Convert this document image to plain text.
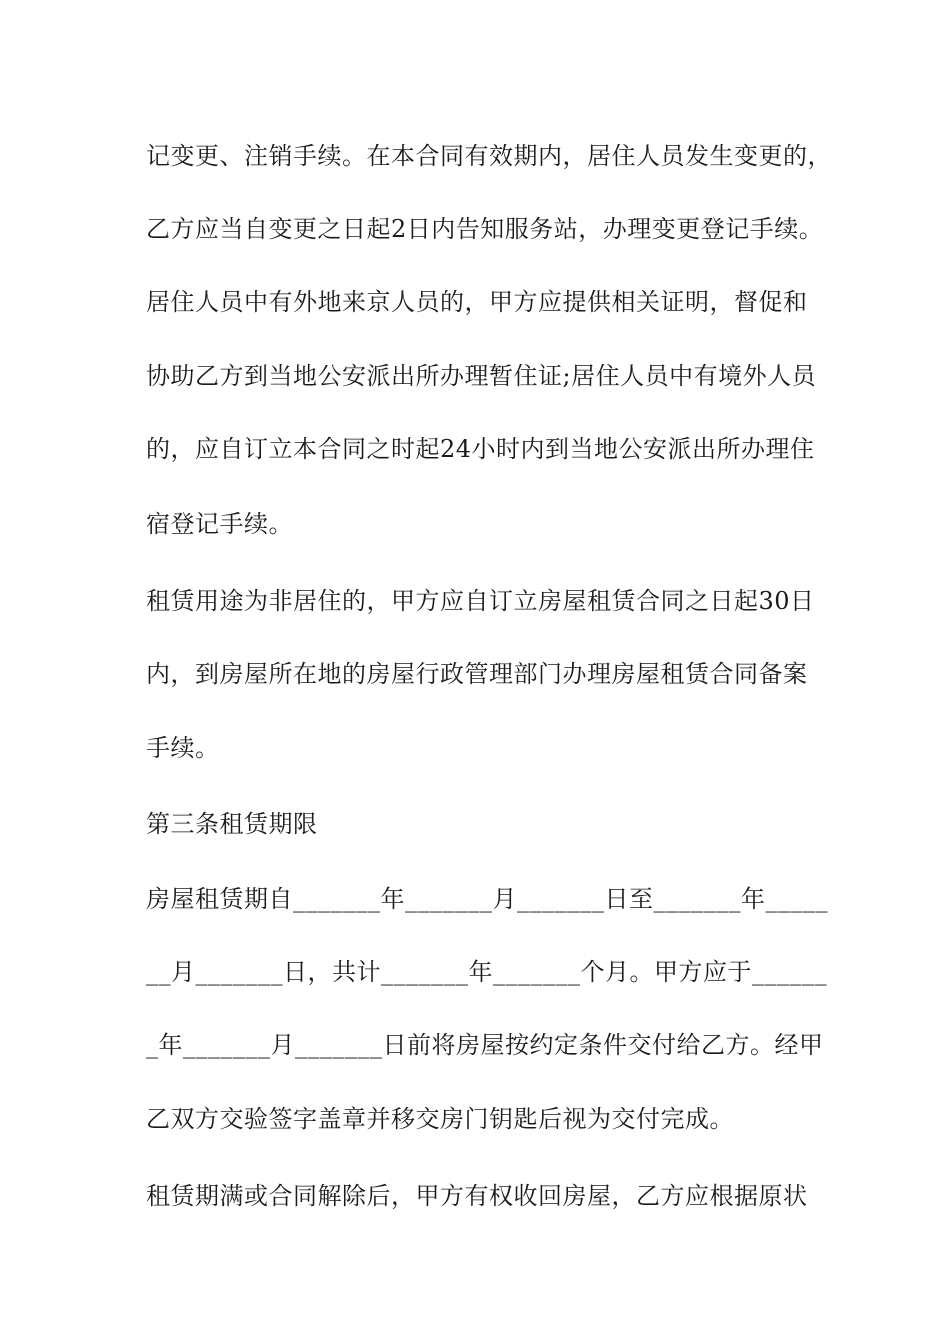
记变更、注销手续。在本合同有效期内，居住人员发生变更的，
乙方应当自变更之日起2日内告知服务站，办理变更登记手续。
居住人员中有外地来京人员的，甲方应提供相关证明，督促和
协助乙方到当地公安派出所办理暂住证;居住人员中有境外人员
的，应自订立本合同之时起24小时内到当地公安派出所办理住
宿登记手续。
租赁用途为非居住的，甲方应自订立房屋租赁合同之日起30日
内，到房屋所在地的房屋行政管理部门办理房屋租赁合同备案
手续。
第三条租赁期限
房屋租赁期自_______年_______月_______日至_______年_____
__月_______日，共计_______年_______个月。甲方应于______
_年_______月_______日前将房屋按约定条件交付给乙方。经甲
乙双方交验签字盖章并移交房门钥匙后视为交付完成。
租赁期满或合同解除后，甲方有权收回房屋，乙方应根据原状
